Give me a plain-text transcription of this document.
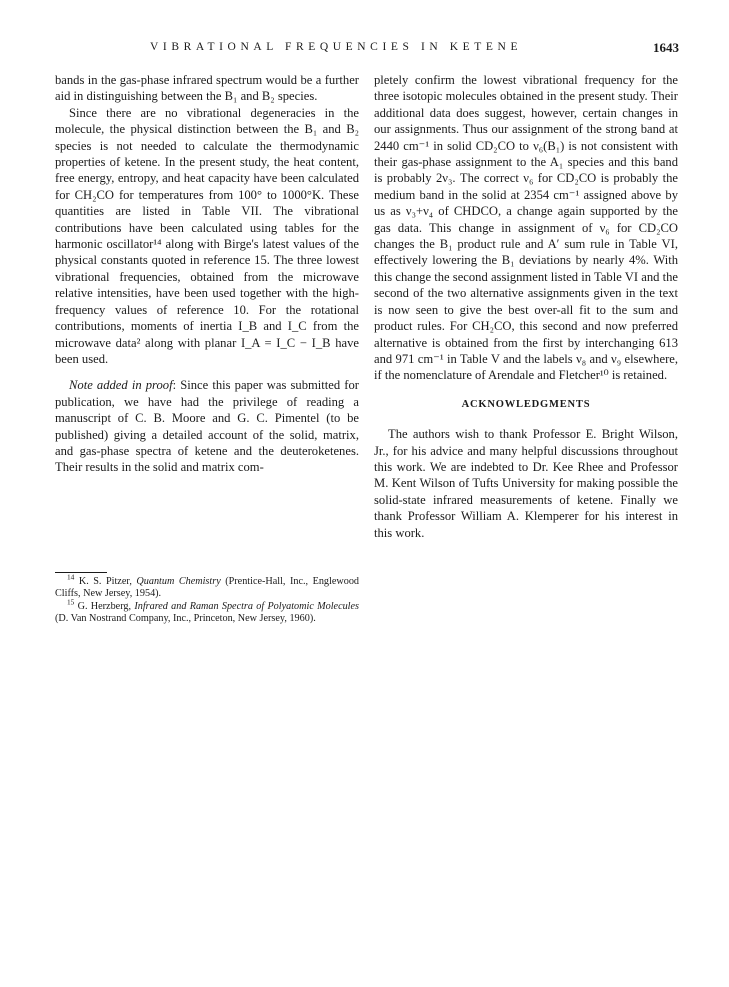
VIBRATIONAL FREQUENCIES IN KETENE	1643

bands in the gas-phase infrared spectrum would be a further aid in distinguishing between the B₁ and B₂ species.

Since there are no vibrational degeneracies in the molecule, the physical distinction between the B₁ and B₂ species is not needed to calculate the thermodynamic properties of ketene. In the present study, the heat content, free energy, entropy, and heat capacity have been calculated for CH₂CO for temperatures from 100° to 1000°K. These quantities are listed in Table VII. The vibrational contributions have been calculated using tables for the harmonic oscillator¹⁴ along with Birge's latest values of the physical constants quoted in reference 15. The three lowest vibrational frequencies, obtained from the microwave relative intensities, have been used together with the high-frequency values of reference 10. For the rotational contributions, moments of inertia I_B and I_C from the microwave data² along with planar I_A = I_C − I_B have been used.

Note added in proof: Since this paper was submitted for publication, we have had the privilege of reading a manuscript of C. B. Moore and G. C. Pimentel (to be published) giving a detailed account of the solid, matrix, and gas-phase spectra of ketene and the deuteroketenes. Their results in the solid and matrix com-

$^{14}$ K. S. Pitzer, Quantum Chemistry (Prentice-Hall, Inc., Englewood Cliffs, New Jersey, 1954).

$^{15}$ G. Herzberg, Infrared and Raman Spectra of Polyatomic Molecules (D. Van Nostrand Company, Inc., Princeton, New Jersey, 1960).

pletely confirm the lowest vibrational frequency for the three isotopic molecules obtained in the present study. Their additional data does suggest, however, certain changes in our assignments. Thus our assignment of the strong band at 2440 cm⁻¹ in solid CD₂CO to ν₆(B₁) is not consistent with their gas-phase assignment to the A₁ species and this band is probably 2ν₃. The correct ν₆ for CD₂CO is probably the medium band in the solid at 2354 cm⁻¹ assigned above by us as ν₃+ν₄ of CHDCO, a change again supported by the gas data. This change in assignment of ν₆ for CD₂CO changes the B₁ product rule and A′ sum rule in Table VI, effectively lowering the B₁ deviations by nearly 4%. With this change the second assignment listed in Table VI and the second of the two alternative assignments given in the text is now seen to give the best over-all fit to the sum and product rules. For CH₂CO, this second and now preferred alternative is obtained from the first by interchanging 613 and 971 cm⁻¹ in Table V and the labels ν₈ and ν₉ elsewhere, if the nomenclature of Arendale and Fletcher¹⁰ is retained.

ACKNOWLEDGMENTS

The authors wish to thank Professor E. Bright Wilson, Jr., for his advice and many helpful discussions throughout this work. We are indebted to Dr. Kee Rhee and Professor M. Kent Wilson of Tufts University for making possible the solid-state infrared measurements of ketene. Finally we thank Professor William A. Klemperer for his interest in this work.
